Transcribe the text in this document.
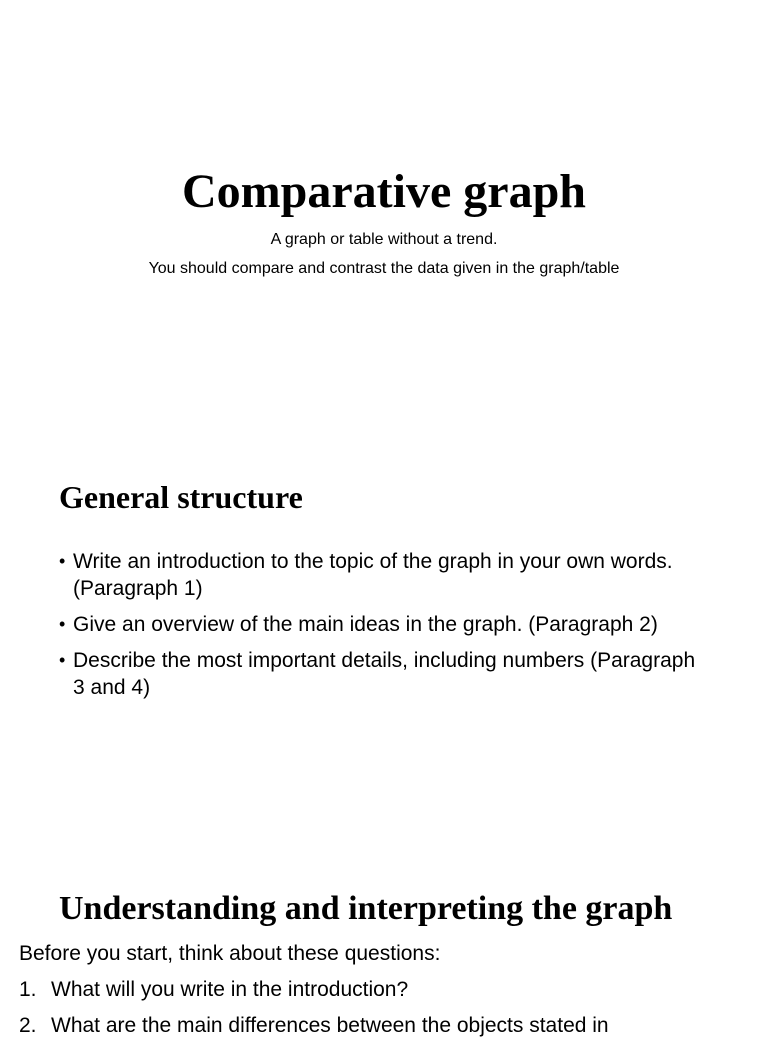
Comparative graph
A graph or table without a trend.
You should compare and contrast the data given in the graph/table
General structure
• Write an introduction to the topic of the graph in your own words. (Paragraph 1)
• Give an overview of the main ideas in the graph. (Paragraph 2)
• Describe the most important details, including numbers (Paragraph 3 and 4)
Understanding and interpreting the graph
Before you start, think about these questions:
1. What will you write in the introduction?
2. What are the main differences between the objects stated in
